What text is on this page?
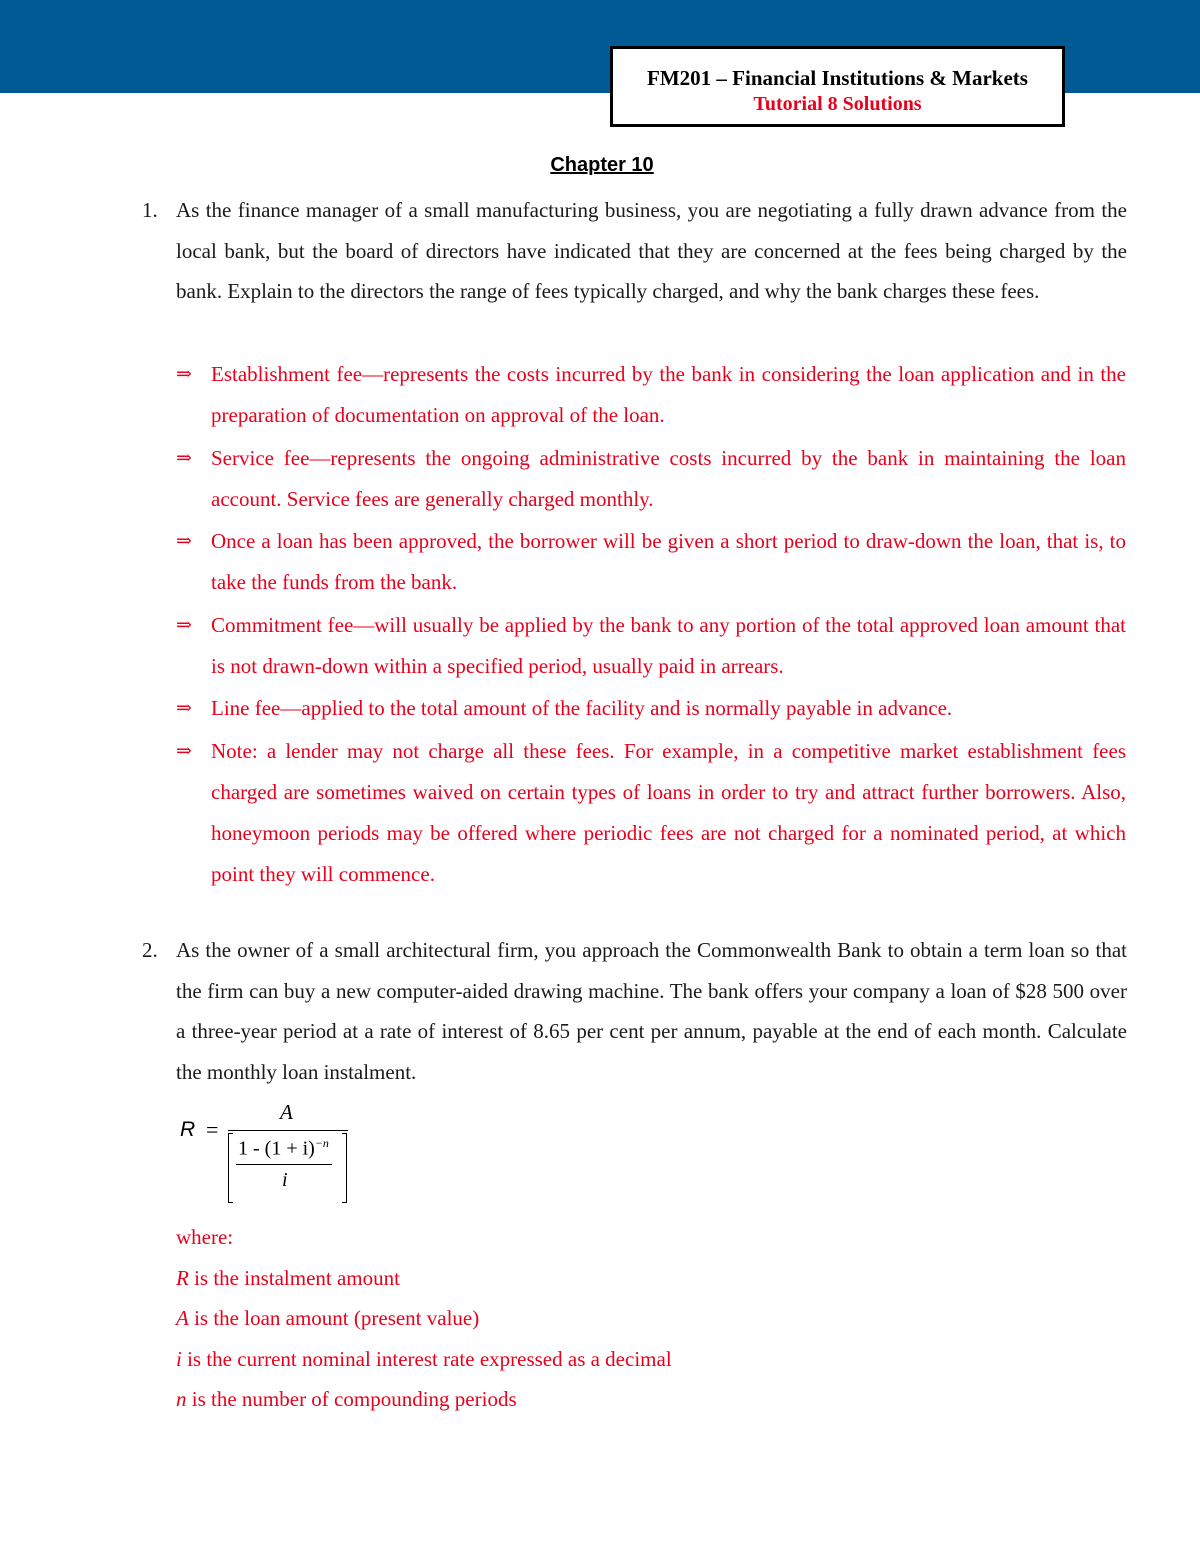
FM201 – Financial Institutions & Markets
Tutorial 8 Solutions
Chapter 10
1. As the finance manager of a small manufacturing business, you are negotiating a fully drawn advance from the local bank, but the board of directors have indicated that they are concerned at the fees being charged by the bank. Explain to the directors the range of fees typically charged, and why the bank charges these fees.
⇒ Establishment fee—represents the costs incurred by the bank in considering the loan application and in the preparation of documentation on approval of the loan.
⇒ Service fee—represents the ongoing administrative costs incurred by the bank in maintaining the loan account. Service fees are generally charged monthly.
⇒ Once a loan has been approved, the borrower will be given a short period to draw-down the loan, that is, to take the funds from the bank.
⇒ Commitment fee—will usually be applied by the bank to any portion of the total approved loan amount that is not drawn-down within a specified period, usually paid in arrears.
⇒ Line fee—applied to the total amount of the facility and is normally payable in advance.
⇒ Note: a lender may not charge all these fees. For example, in a competitive market establishment fees charged are sometimes waived on certain types of loans in order to try and attract further borrowers. Also, honeymoon periods may be offered where periodic fees are not charged for a nominated period, at which point they will commence.
2. As the owner of a small architectural firm, you approach the Commonwealth Bank to obtain a term loan so that the firm can buy a new computer-aided drawing machine. The bank offers your company a loan of $28 500 over a three-year period at a rate of interest of 8.65 per cent per annum, payable at the end of each month. Calculate the monthly loan instalment.
R =
A
$1 - (1 + i)^{-n}$
i
where:
R is the instalment amount
A is the loan amount (present value)
i is the current nominal interest rate expressed as a decimal
n is the number of compounding periods
